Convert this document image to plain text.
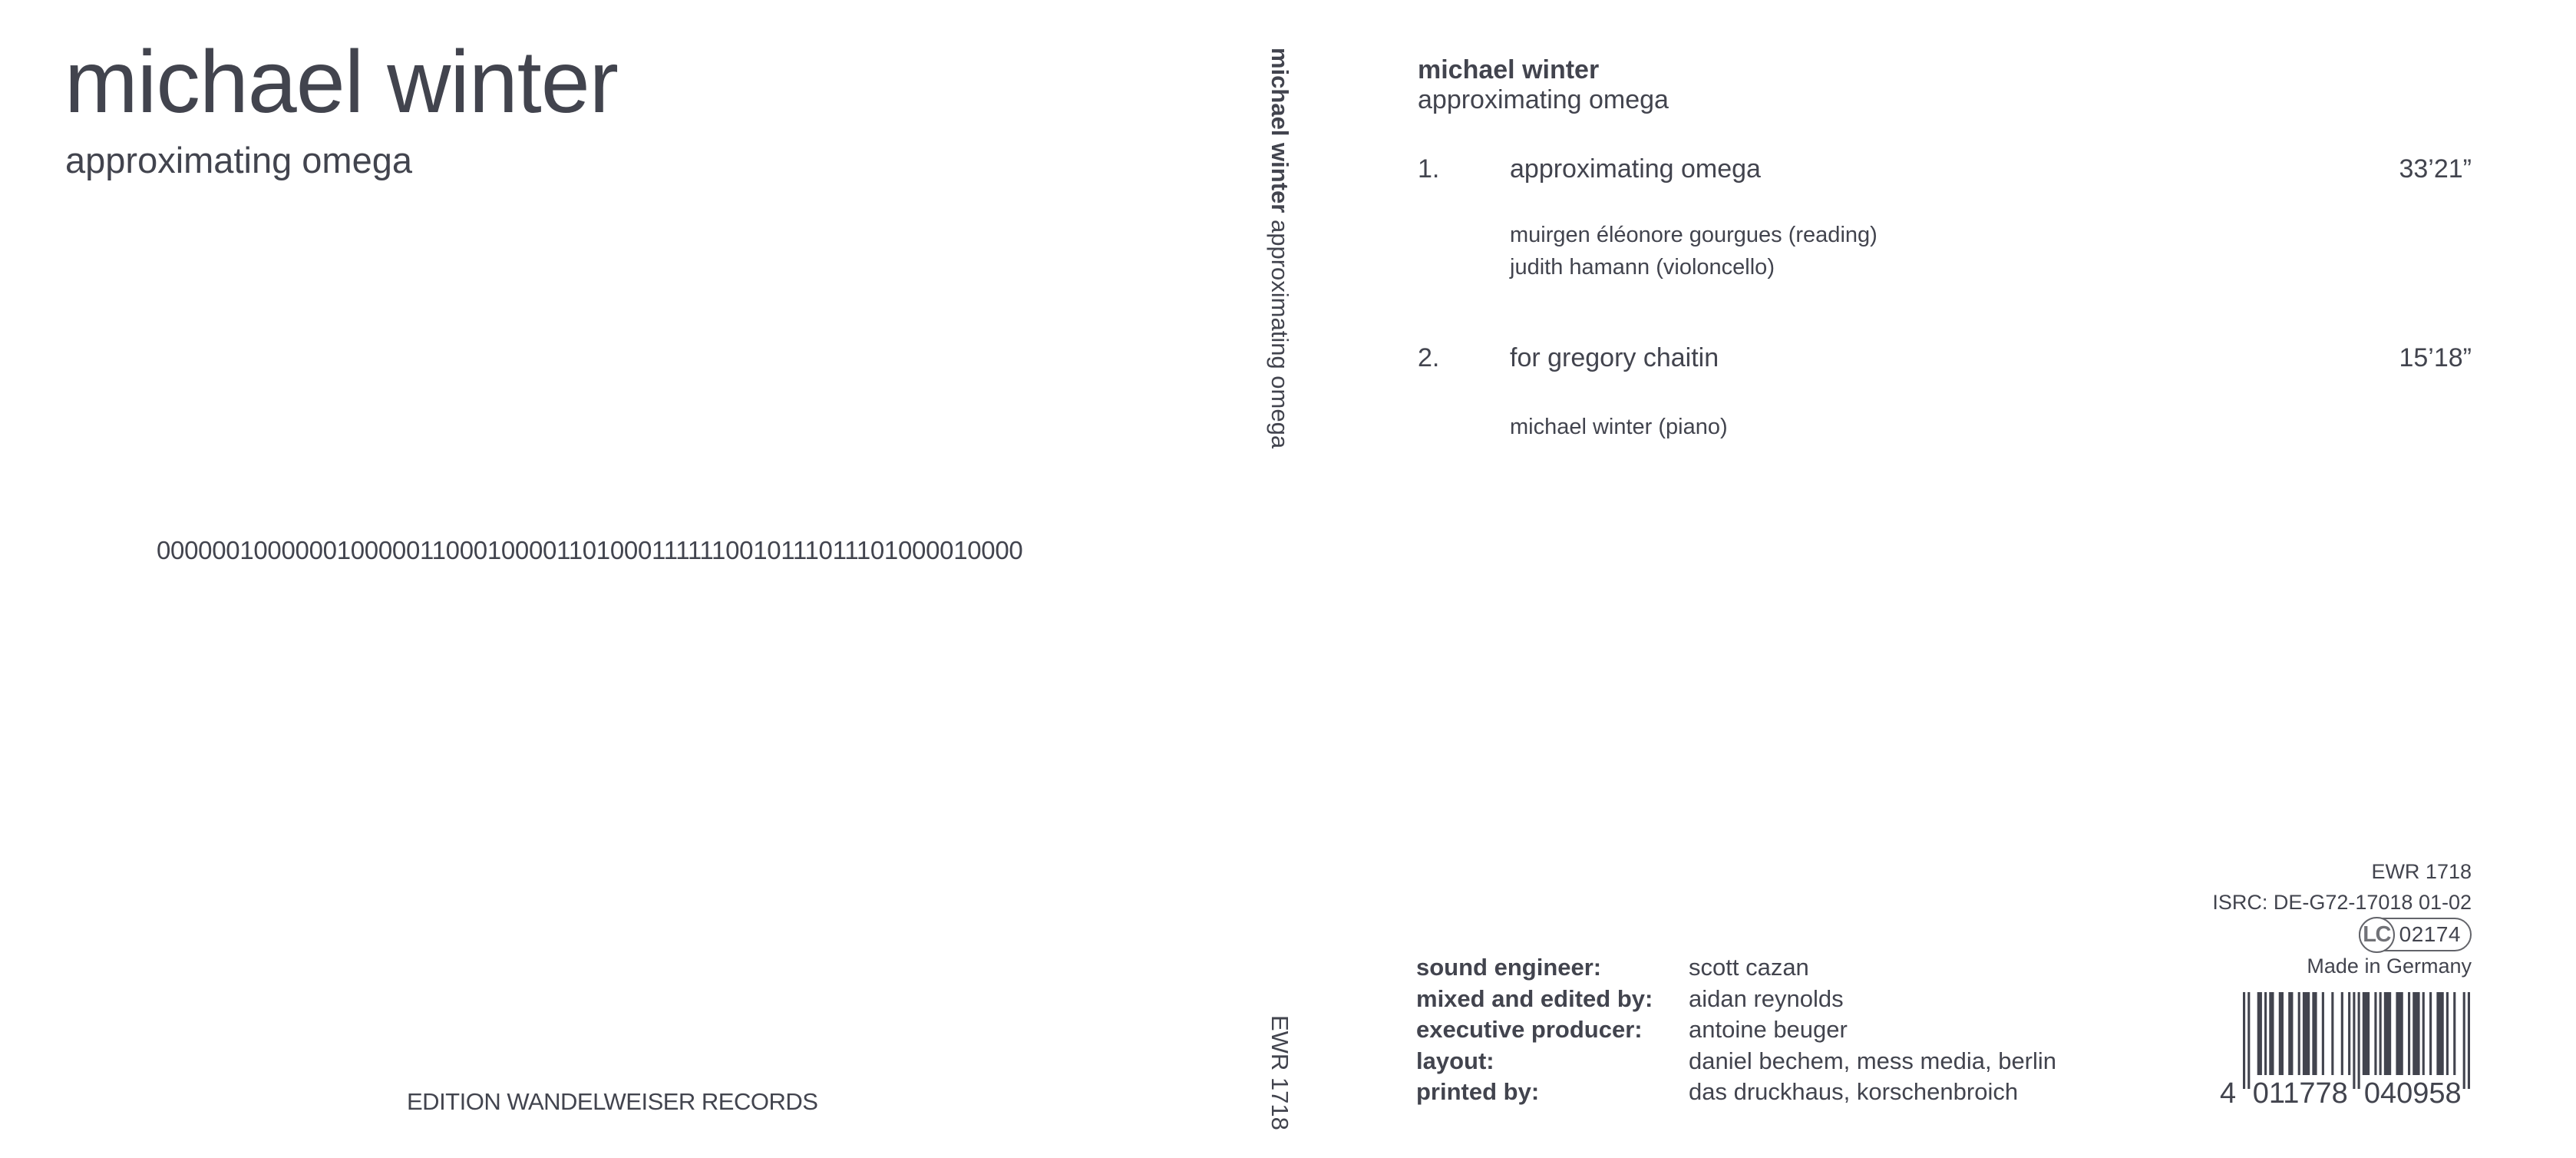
michael winter
approximating omega
0000001000000100000110001000011010001111110010111011101000010000
EDITION WANDELWEISER RECORDS
michael winter approximating omega
EWR 1718
michael winter
approximating omega
1.	approximating omega	33’21”
muirgen éléonore gourgues (reading)
judith hamann (violoncello)
2.	for gregory chaitin	15’18”
michael winter (piano)
sound engineer:	scott cazan
mixed and edited by: aidan reynolds
executive producer: antoine beuger
layout:	daniel bechem, mess media, berlin
printed by:	das druckhaus, korschenbroich
EWR 1718
ISRC: DE-G72-17018 01-02
LC 02174
Made in Germany
4 011778 040958
